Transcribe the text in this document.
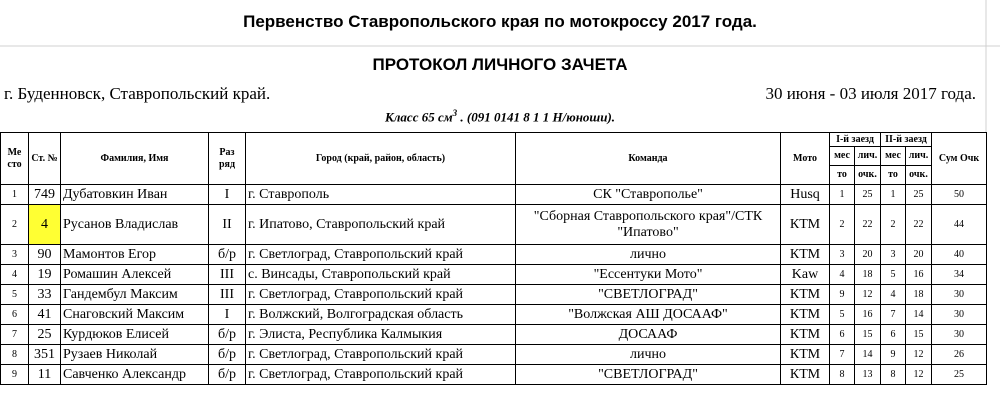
Первенство Ставропольского края по мотокроссу 2017 года.
ПРОТОКОЛ ЛИЧНОГО ЗАЧЕТА
г. Буденновск, Ставропольский край.	30 июня - 03 июля 2017 года.
Класс 65 $см^3$ . (091 0141 8 1 1 Н/юноши).
Ме сто	Ст. №	Фамилия, Имя	Раз ряд	Город (край, район, область)	Команда	Мото	I-й заезд		II-й заезд		Сум Очк
							мес	лич.	мес	лич.	
							то	очк.	то	очк.	
1	749	Дубатовкин Иван	I	г. Ставрополь	СК "Ставрополье"	Husq	1	25	1	25	50
2	4	Русанов Владислав	II	г. Ипатово, Ставропольский край	"Сборная Ставропольского края"/СТК "Ипатово"	КТМ	2	22	2	22	44
3	90	Мамонтов Егор	б/р	г. Светлоград, Ставропольский край	лично	КТМ	3	20	3	20	40
4	19	Ромашин Алексей	III	с. Винсады, Ставропольский край	"Ессентуки Мото"	Kaw	4	18	5	16	34
5	33	Гандембул Максим	III	г. Светлоград, Ставропольский край	"СВЕТЛОГРАД"	КТМ	9	12	4	18	30
6	41	Снаговский Максим	I	г. Волжский, Волгоградская область	"Волжская АШ ДОСААФ"	КТМ	5	16	7	14	30
7	25	Курдюков Елисей	б/р	г. Элиста, Республика Калмыкия	ДОСААФ	КТМ	6	15	6	15	30
8	351	Рузаев Николай	б/р	г. Светлоград, Ставропольский край	лично	КТМ	7	14	9	12	26
9	11	Савченко Александр	б/р	г. Светлоград, Ставропольский край	"СВЕТЛОГРАД"	КТМ	8	13	8	12	25
